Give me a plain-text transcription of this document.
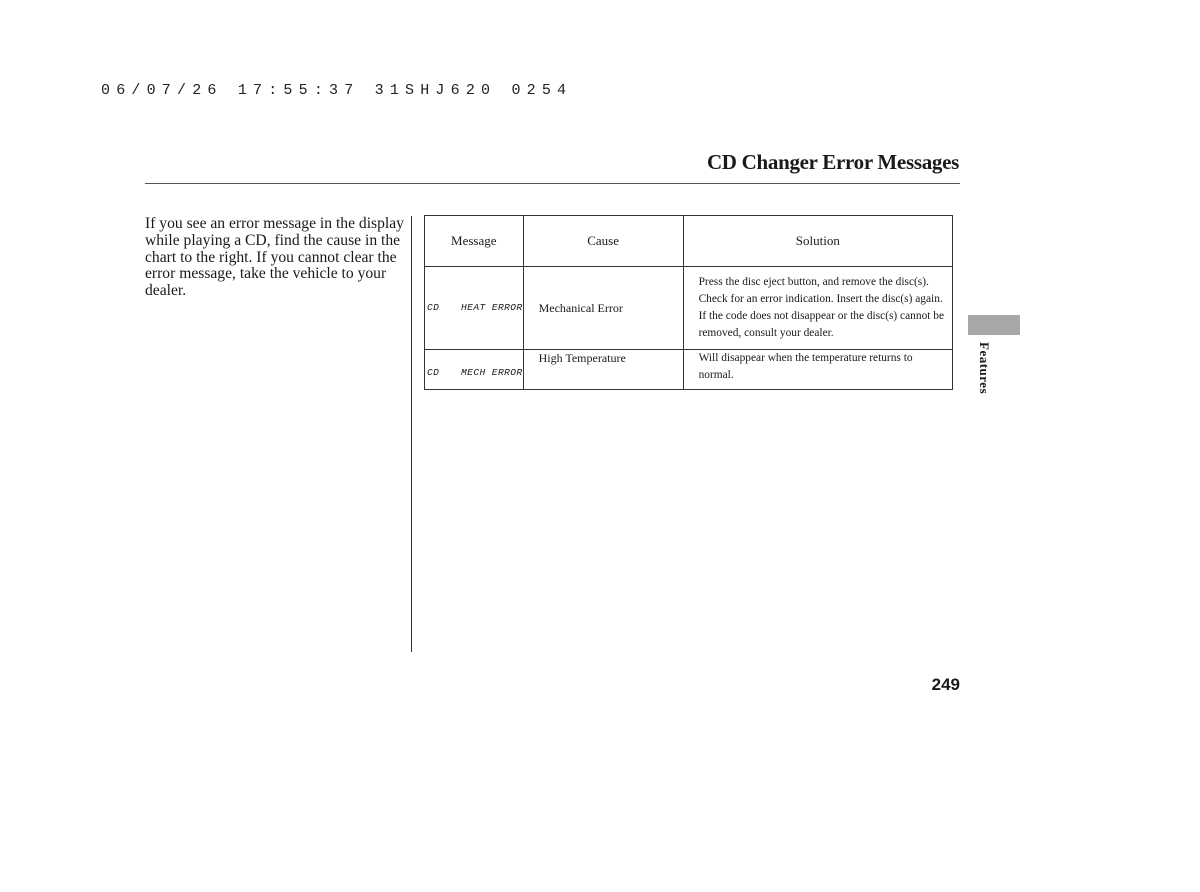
06/07/26 17:55:37 31SHJ620 0254
CD Changer Error Messages
If you see an error message in the display while playing a CD, find the cause in the chart to the right. If you cannot clear the error message, take the vehicle to your dealer.
Message	Cause	Solution
CD HEAT ERROR	Mechanical Error	Press the disc eject button, and remove the disc(s). Check for an error indication. Insert the disc(s) again. If the code does not disappear or the disc(s) cannot be removed, consult your dealer.
CD MECH ERROR	High Temperature	Will disappear when the temperature returns to normal.	Features
249
